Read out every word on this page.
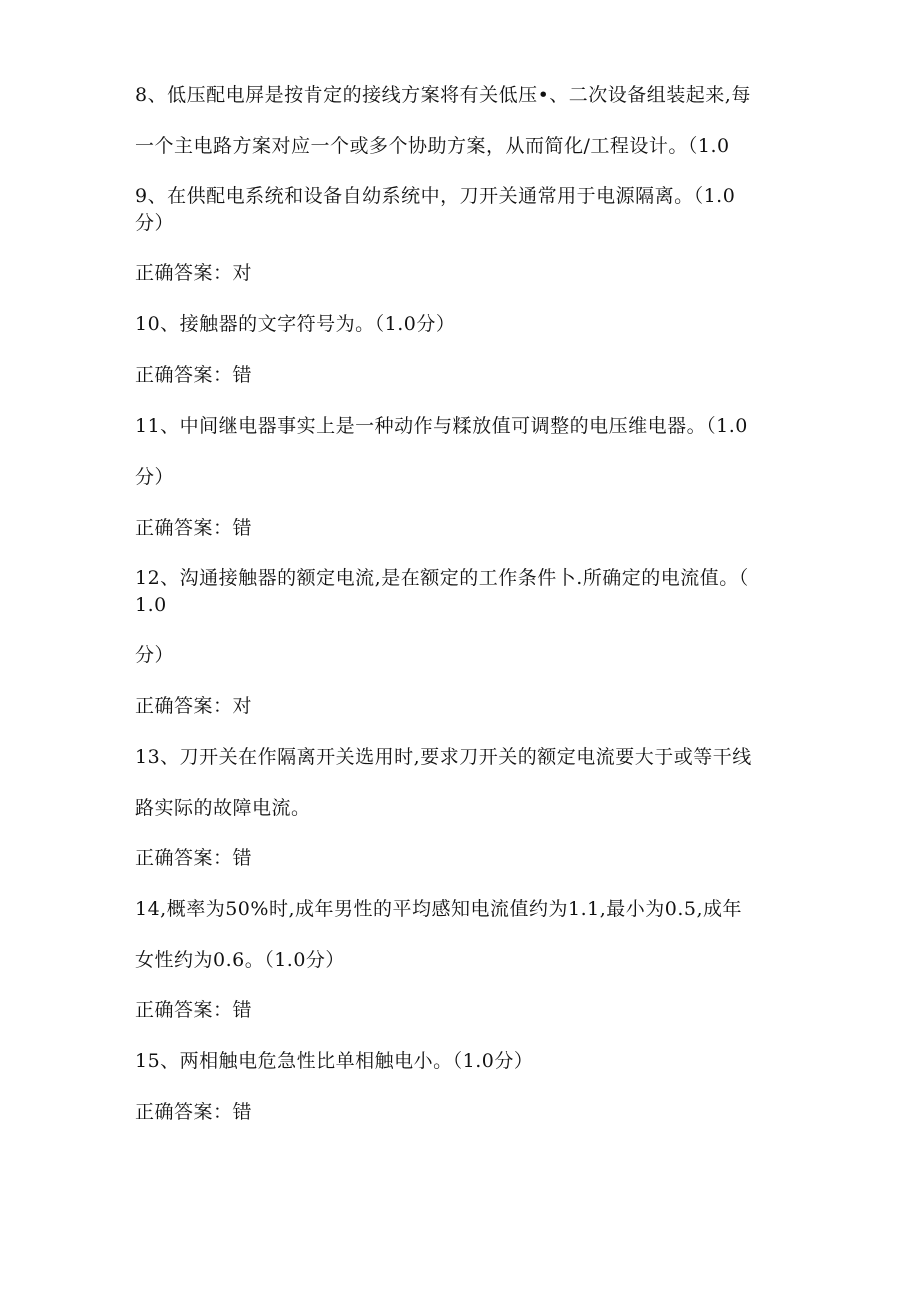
8、低压配电屏是按肯定的接线方案将有关低压•、二次设备组装起来,每
一个主电路方案对应一个或多个协助方案，从而简化/工程设计。（1.0
9、在供配电系统和设备自幼系统中，刀开关通常用于电源隔离。（1.0
分）
正确答案：对
10、接触器的文字符号为。（1.0分）
正确答案：错
11、中间继电器事实上是一种动作与糅放值可调整的电压维电器。（1.0
分）
正确答案：错
12、沟通接触器的额定电流,是在额定的工作条件卜.所确定的电流值。（
1.0
分）
正确答案：对
13、刀开关在作隔离开关选用时,要求刀开关的额定电流要大于或等干线
路实际的故障电流。
正确答案：错
14,概率为50%时,成年男性的平均感知电流值约为1.1,最小为0.5,成年
女性约为0.6。（1.0分）
正确答案：错
15、两相触电危急性比单相触电小。（1.0分）
正确答案：错
